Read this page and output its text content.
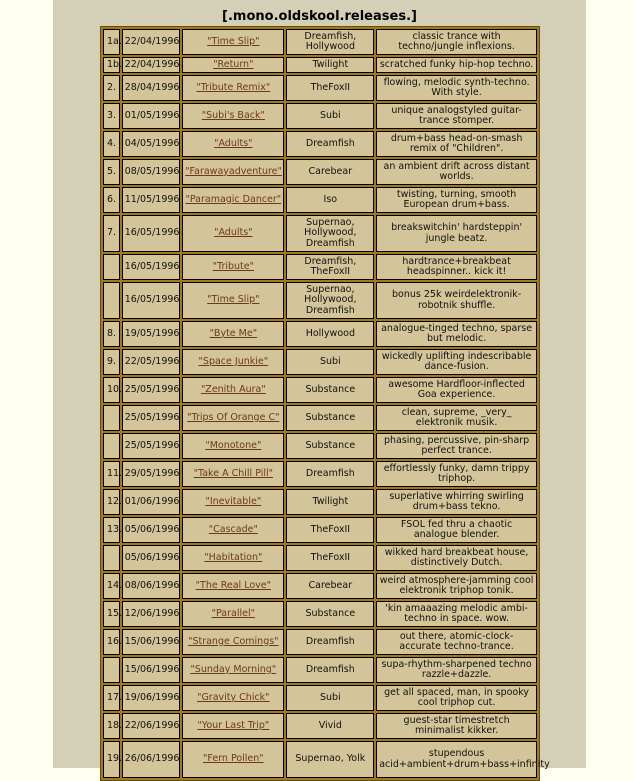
[.mono.oldskool.releases.]
1a.	22/04/1996	"Time Slip"	Dreamfish, Hollywood	classic trance with techno/jungle inflexions.
1b.	22/04/1996	"Return"	Twilight	scratched funky hip-hop techno.
2.	28/04/1996	"Tribute Remix"	TheFoxII	flowing, melodic synth-techno. With style.
3.	01/05/1996	"Subi's Back"	Subi	unique analogstyled guitar-trance stomper.
4.	04/05/1996	"Adults"	Dreamfish	drum+bass head-on-smash remix of "Children".
5.	08/05/1996	"Farawayadventure"	Carebear	an ambient drift across distant worlds.
6.	11/05/1996	"Paramagic Dancer"	Iso	twisting, turning, smooth European drum+bass.
7.	16/05/1996	"Adults"	Supernao, Hollywood, Dreamfish	breakswitchin' hardsteppin' jungle beatz.
	16/05/1996	"Tribute"	Dreamfish, TheFoxII	hardtrance+breakbeat headspinner.. kick it!
	16/05/1996	"Time Slip"	Supernao, Hollywood, Dreamfish	bonus 25k weirdelektronik-robotnik shuffle.
8.	19/05/1996	"Byte Me"	Hollywood	analogue-tinged techno, sparse but melodic.
9.	22/05/1996	"Space Junkie"	Subi	wickedly uplifting indescribable dance-fusion.
10.	25/05/1996	"Zenith Aura"	Substance	awesome Hardfloor-inflected Goa experience.
	25/05/1996	"Trips Of Orange C"	Substance	clean, supreme, _very_ elektronik musik.
	25/05/1996	"Monotone"	Substance	phasing, percussive, pin-sharp perfect trance.
11.	29/05/1996	"Take A Chill Pill"	Dreamfish	effortlessly funky, damn trippy triphop.
12.	01/06/1996	"Inevitable"	Twilight	superlative whirring swirling drum+bass tekno.
13.	05/06/1996	"Cascade"	TheFoxII	FSOL fed thru a chaotic analogue blender.
	05/06/1996	"Habitation"	TheFoxII	wikked hard breakbeat house, distinctively Dutch.
14.	08/06/1996	"The Real Love"	Carebear	weird atmosphere-jamming cool elektronik triphop tonik.
15.	12/06/1996	"Parallel"	Substance	'kin amaaazing melodic ambi-techno in space. wow.
16.	15/06/1996	"Strange Comings"	Dreamfish	out there, atomic-clock-accurate techno-trance.
	15/06/1996	"Sunday Morning"	Dreamfish	supa-rhythm-sharpened techno razzle+dazzle.
17.	19/06/1996	"Gravity Chick"	Subi	get all spaced, man, in spooky cool triphop cut.
18.	22/06/1996	"Your Last Trip"	Vivid	guest-star timestretch minimalist kikker.
19.	26/06/1996	"Fern Pollen"	Supernao, Yolk	stupendous acid+ambient+drum+bass+infinity
